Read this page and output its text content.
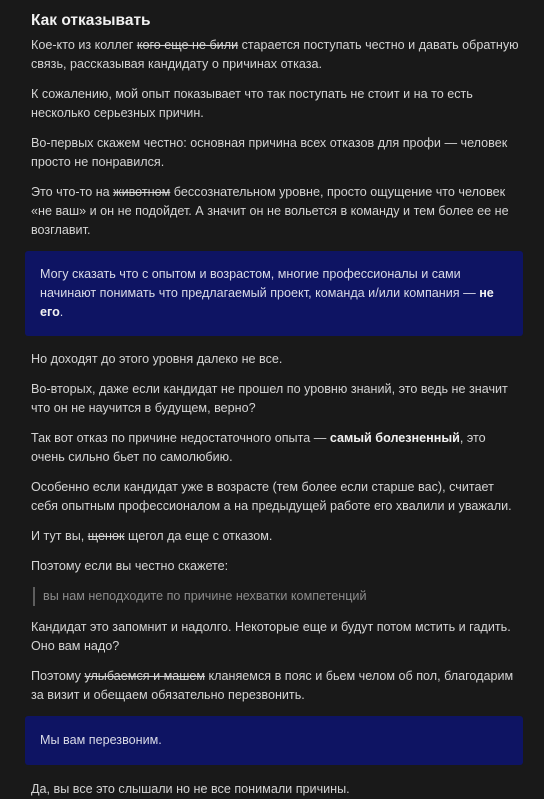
Как отказывать

Кое-кто из коллег кого еще не били старается поступать честно и давать обратную связь, рассказывая кандидату о причинах отказа.

К сожалению, мой опыт показывает что так поступать не стоит и на то есть несколько серьезных причин.

Во-первых скажем честно: основная причина всех отказов для профи — человек просто не понравился.

Это что-то на животном бессознательном уровне, просто ощущение что человек «не ваш» и он не подойдет. А значит он не вольется в команду и тем более ее не возглавит.

Могу сказать что с опытом и возрастом, многие профессионалы и сами начинают понимать что предлагаемый проект, команда и/или компания — не его.

Но доходят до этого уровня далеко не все.

Во-вторых, даже если кандидат не прошел по уровню знаний, это ведь не значит что он не научится в будущем, верно?

Так вот отказ по причине недостаточного опыта — самый болезненный, это очень сильно бьет по самолюбию.

Особенно если кандидат уже в возрасте (тем более если старше вас), считает себя опытным профессионалом а на предыдущей работе его хвалили и уважали.

И тут вы, щенок щегол да еще с отказом.

Поэтому если вы честно скажете:

вы нам неподходите по причине нехватки компетенций

Кандидат это запомнит и надолго. Некоторые еще и будут потом мстить и гадить. Оно вам надо?

Поэтому улыбаемся и машем кланяемся в пояс и бьем челом об пол, благодарим за визит и обещаем обязательно перезвонить.

Мы вам перезвоним.

Да, вы все это слышали но не все понимали причины.
